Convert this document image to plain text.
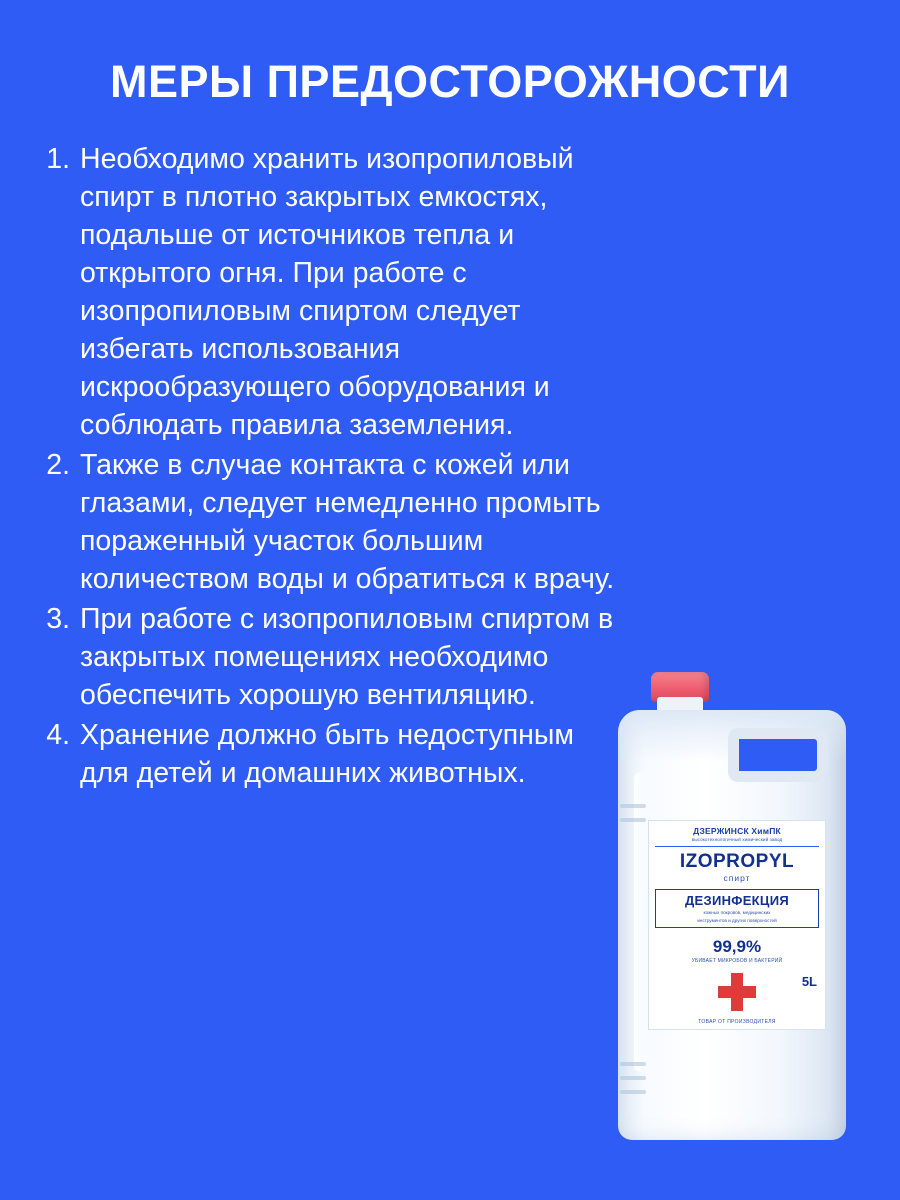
МЕРЫ ПРЕДОСТОРОЖНОСТИ
1. Необходимо хранить изопропиловый спирт в плотно закрытых емкостях, подальше от источников тепла и открытого огня. При работе с изопропиловым спиртом следует избегать использования искрообразующего оборудования и соблюдать правила заземления.
2. Также в случае контакта с кожей или глазами, следует немедленно промыть пораженный участок большим количеством воды и обратиться к врачу.
3. При работе с изопропиловым спиртом в закрытых помещениях необходимо обеспечить хорошую вентиляцию.
4. Хранение должно быть недоступным для детей и домашних животных.
ДЗЕРЖИНСК ХимПК
высокотехнологичный химический завод
IZOPROPYL
спирт
ДЕЗИНФЕКЦИЯ
кожных покровов, медицинских
инструментов и других поверхностей
99,9%
УБИВАЕТ МИКРОБОВ И БАКТЕРИЙ
5L
ТОВАР ОТ ПРОИЗВОДИТЕЛЯ
